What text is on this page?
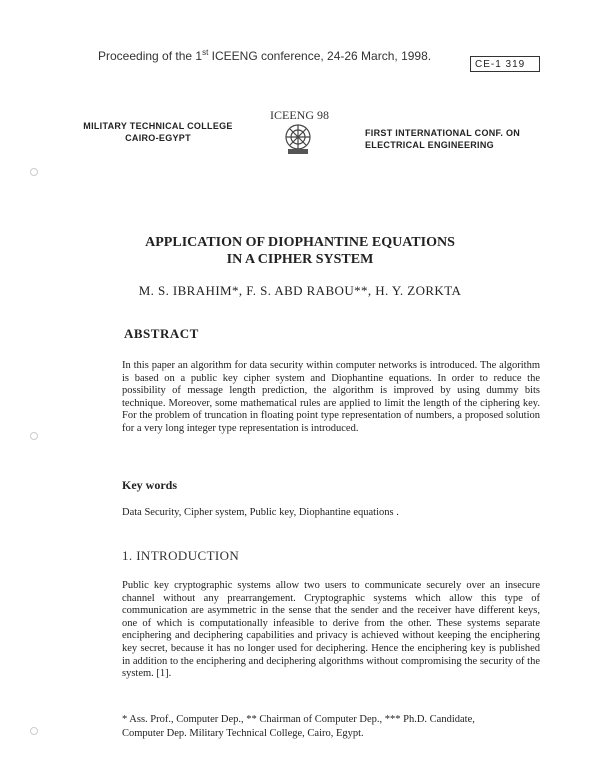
Proceeding of the 1st ICEENG conference, 24-26 March, 1998.
CE-1 319
MILITARY TECHNICAL COLLEGE
CAIRO-EGYPT
ICEENG 98
FIRST INTERNATIONAL CONF. ON
ELECTRICAL ENGINEERING
APPLICATION OF DIOPHANTINE EQUATIONS
IN A CIPHER SYSTEM
M. S. IBRAHIM*, F. S. ABD RABOU**, H. Y. ZORKTA
ABSTRACT
In this paper an algorithm for data security within computer networks is introduced. The algorithm is based on a public key cipher system and Diophantine equations. In order to reduce the possibility of message length prediction, the algorithm is improved by using dummy bits technique. Moreover, some mathematical rules are applied to limit the length of the ciphering key. For the problem of truncation in floating point type representation of numbers, a proposed solution for a very long integer type representation is introduced.
Key words
Data Security, Cipher system, Public key, Diophantine equations .
1. INTRODUCTION
Public key cryptographic systems allow two users to communicate securely over an insecure channel without any prearrangement. Cryptographic systems which allow this type of communication are asymmetric in the sense that the sender and the receiver have different keys, one of which is computationally infeasible to derive from the other. These systems separate enciphering and deciphering capabilities and privacy is achieved without keeping the enciphering key secret, because it has no longer used for deciphering. Hence the enciphering key is published in addition to the enciphering and deciphering algorithms without compromising the security of the system. [1].
* Ass. Prof., Computer Dep., ** Chairman of Computer Dep., *** Ph.D. Candidate,
Computer Dep. Military Technical College, Cairo, Egypt.
